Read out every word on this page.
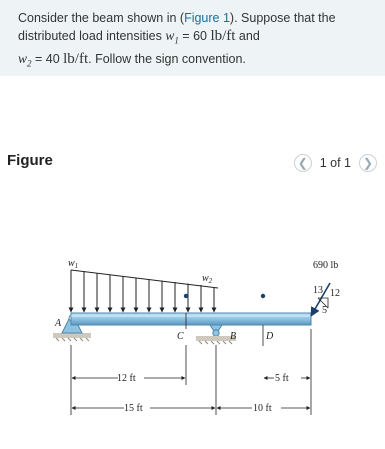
Consider the beam shown in (Figure 1). Suppose that the
distributed load intensities $w_1 = 60$ lb/ft and
$w_2 = 40$ lb/ft. Follow the sign convention.
Figure	❮ 1 of 1 ❯
$w_1$
$w_2$
A
B
C	D
690 lb
13 12
5
12 ft	5 ft
15 ft	10 ft
